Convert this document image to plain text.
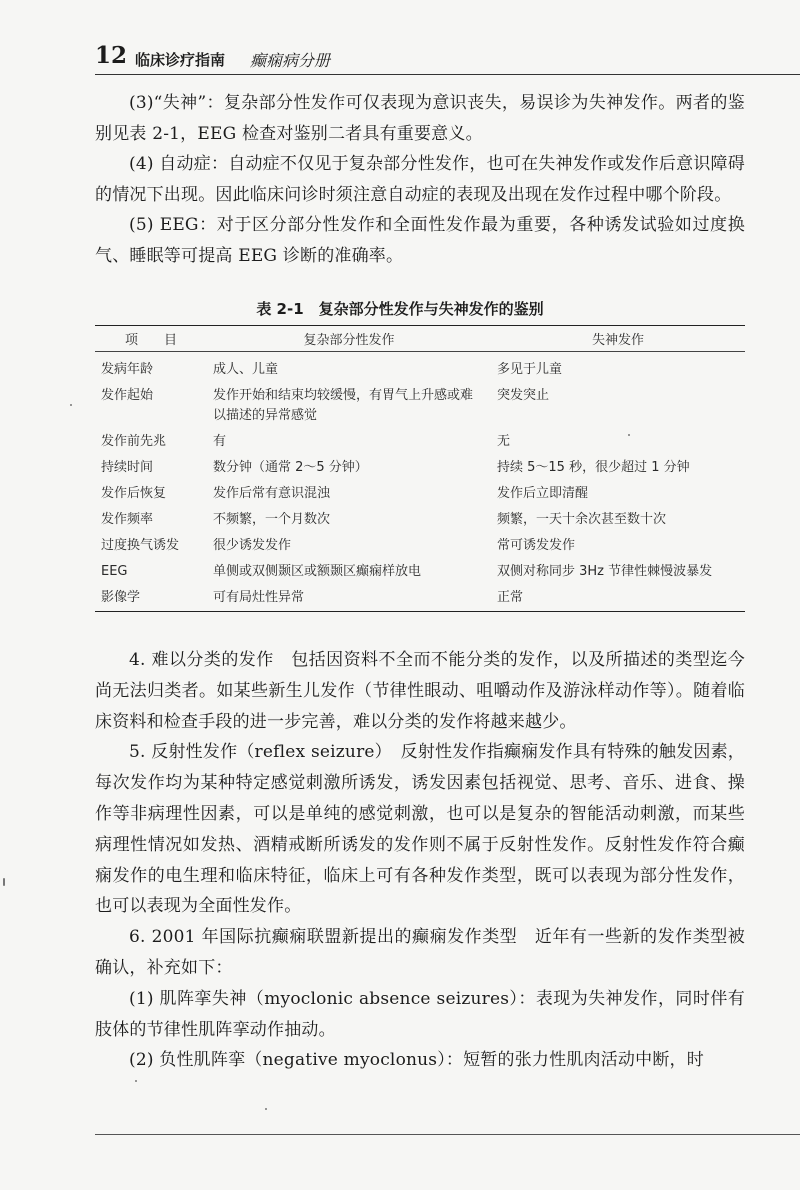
12 临床诊疗指南 癫痫病分册

(3)“失神”：复杂部分性发作可仅表现为意识丧失，易误诊为失神发作。两者的鉴别见表 2-1，EEG 检查对鉴别二者具有重要意义。

(4) 自动症：自动症不仅见于复杂部分性发作，也可在失神发作或发作后意识障碍的情况下出现。因此临床问诊时须注意自动症的表现及出现在发作过程中哪个阶段。

(5) EEG：对于区分部分性发作和全面性发作最为重要，各种诱发试验如过度换气、睡眠等可提高 EEG 诊断的准确率。

表 2-1　复杂部分性发作与失神发作的鉴别
项　　目	复杂部分性发作	失神发作
发病年龄	成人、儿童	多见于儿童
发作起始	发作开始和结束均较缓慢，有胃气上升感或难以描述的异常感觉	突发突止
发作前先兆	有	无
持续时间	数分钟（通常 2～5 分钟）	持续 5～15 秒，很少超过 1 分钟
发作后恢复	发作后常有意识混浊	发作后立即清醒
发作频率	不频繁，一个月数次	频繁，一天十余次甚至数十次
过度换气诱发	很少诱发发作	常可诱发发作
EEG	单侧或双侧颞区或额颞区癫痫样放电	双侧对称同步 3Hz 节律性棘慢波暴发
影像学	可有局灶性异常	正常

4. 难以分类的发作　包括因资料不全而不能分类的发作，以及所描述的类型迄今尚无法归类者。如某些新生儿发作（节律性眼动、咀嚼动作及游泳样动作等）。随着临床资料和检查手段的进一步完善，难以分类的发作将越来越少。

5. 反射性发作（reflex seizure）　反射性发作指癫痫发作具有特殊的触发因素，每次发作均为某种特定感觉刺激所诱发，诱发因素包括视觉、思考、音乐、进食、操作等非病理性因素，可以是单纯的感觉刺激，也可以是复杂的智能活动刺激，而某些病理性情况如发热、酒精戒断所诱发的发作则不属于反射性发作。反射性发作符合癫痫发作的电生理和临床特征，临床上可有各种发作类型，既可以表现为部分性发作，也可以表现为全面性发作。

6. 2001 年国际抗癫痫联盟新提出的癫痫发作类型　近年有一些新的发作类型被确认，补充如下：

(1) 肌阵挛失神（myoclonic absence seizures）：表现为失神发作，同时伴有肢体的节律性肌阵挛动作抽动。

(2) 负性肌阵挛（negative myoclonus）：短暂的张力性肌肉活动中断，时
